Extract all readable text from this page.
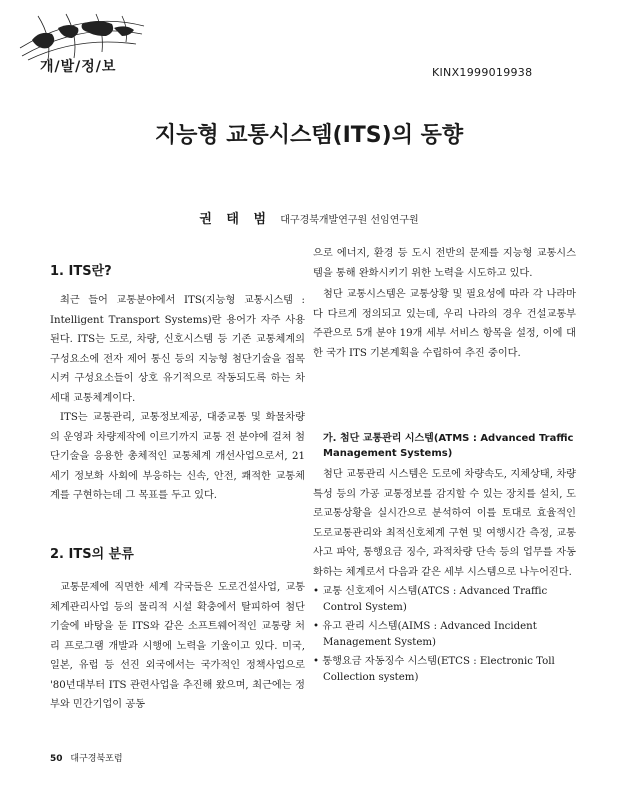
개/발/정/보	KINX1999019938
지능형 교통시스템(ITS)의 동향
권 태 범 대구경북개발연구원 선임연구원
1. ITS란?

최근 들어 교통분야에서 ITS(지능형 교통시스템 : Intelligent Transport Systems)란 용어가 자주 사용된다. ITS는 도로, 차량, 신호시스템 등 기존 교통체계의 구성요소에 전자 제어 통신 등의 지능형 첨단기술을 접목시켜 구성요소들이 상호 유기적으로 작동되도록 하는 차세대 교통체계이다.

ITS는 교통관리, 교통정보제공, 대중교통 및 화물차량의 운영과 차량제작에 이르기까지 교통 전 분야에 걸쳐 첨단기술을 응용한 총체적인 교통체계 개선사업으로서, 21세기 정보화 사회에 부응하는 신속, 안전, 쾌적한 교통체계를 구현하는데 그 목표를 두고 있다.

2. ITS의 분류

교통문제에 직면한 세계 각국들은 도로건설사업, 교통체계관리사업 등의 물리적 시설 확충에서 탈피하여 첨단기술에 바탕을 둔 ITS와 같은 소프트웨어적인 교통량 처리 프로그램 개발과 시행에 노력을 기울이고 있다. 미국, 일본, 유럽 등 선진 외국에서는 국가적인 정책사업으로 '80년대부터 ITS 관련사업을 추진해 왔으며, 최근에는 정부와 민간기업이 공동

으로 에너지, 환경 등 도시 전반의 문제를 지능형 교통시스템을 통해 완화시키기 위한 노력을 시도하고 있다.

첨단 교통시스템은 교통상황 및 필요성에 따라 각 나라마다 다르게 정의되고 있는데, 우리 나라의 경우 건설교통부 주관으로 5개 분야 19개 세부 서비스 항목을 설정, 이에 대한 국가 ITS 기본계획을 수립하여 추진 중이다.

가. 첨단 교통관리 시스템(ATMS : Advanced Traffic Management Systems)

첨단 교통관리 시스템은 도로에 차량속도, 지체상태, 차량특성 등의 가공 교통정보를 감지할 수 있는 장치를 설치, 도로교통상황을 실시간으로 분석하여 이를 토대로 효율적인 도로교통관리와 최적신호체계 구현 및 여행시간 측정, 교통사고 파악, 통행요금 징수, 과적차량 단속 등의 업무를 자동화하는 체계로서 다음과 같은 세부 시스템으로 나누어진다.

• 교통 신호제어 시스템(ATCS : Advanced Traffic Control System)
• 유고 관리 시스템(AIMS : Advanced Incident Management System)
• 통행요금 자동징수 시스템(ETCS : Electronic Toll Collection system)
50 대구경북포럼
